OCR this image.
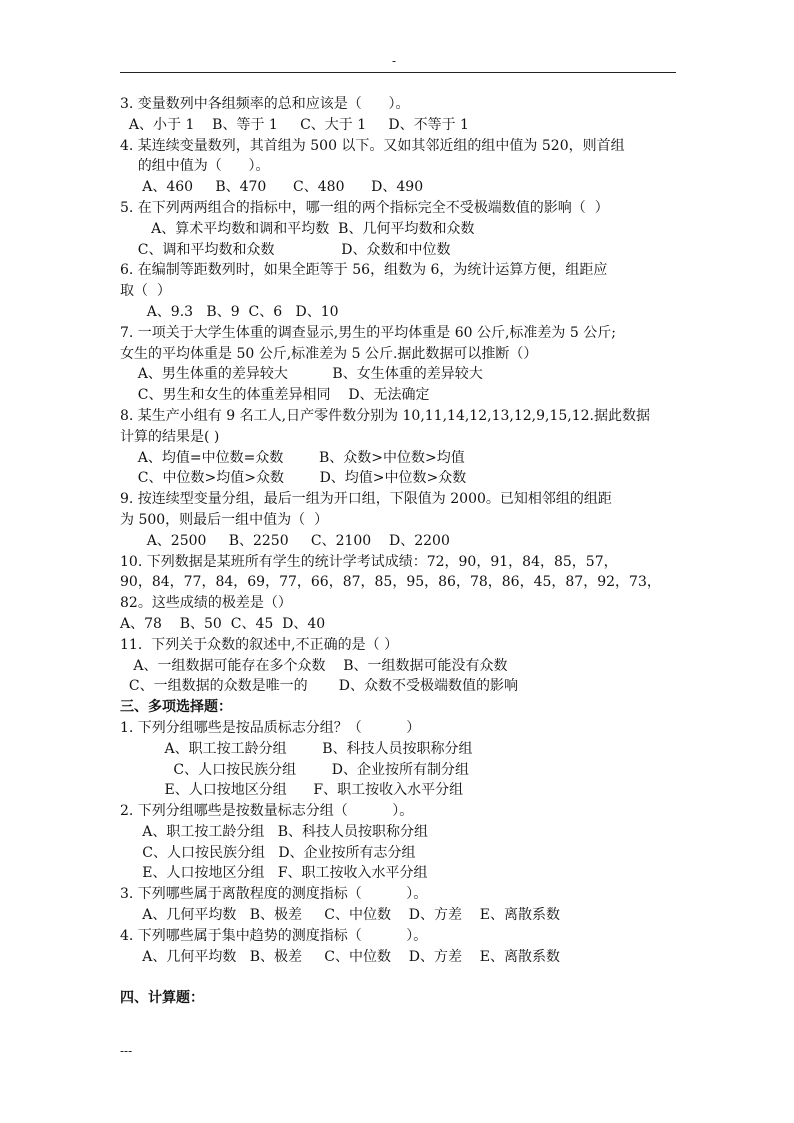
-
3. 变量数列中各组频率的总和应该是（      ）。
A、小于 1    B、等于 1     C、大于 1     D、不等于 1
4. 某连续变量数列，其首组为 500 以下。又如其邻近组的组中值为 520，则首组
的组中值为（      ）。
A、460     B、470      C、480      D、490
5. 在下列两两组合的指标中，哪一组的两个指标完全不受极端数值的影响（  ）
A、算术平均数和调和平均数  B、几何平均数和众数
C、调和平均数和众数               D、众数和中位数
6. 在编制等距数列时，如果全距等于 56，组数为 6，为统计运算方便，组距应
取（  ）
A、9.3   B、9  C、6   D、10
7. 一项关于大学生体重的调查显示,男生的平均体重是 60 公斤,标准差为 5 公斤;
女生的平均体重是 50 公斤,标准差为 5 公斤.据此数据可以推断（）
A、男生体重的差异较大          B、女生体重的差异较大
C、男生和女生的体重差异相同    D、无法确定
8. 某生产小组有 9 名工人,日产零件数分别为 10,11,14,12,13,12,9,15,12.据此数据
计算的结果是( )
A、均值=中位数=众数        B、众数>中位数>均值
C、中位数>均值>众数        D、均值>中位数>众数
9. 按连续型变量分组，最后一组为开口组，下限值为 2000。已知相邻组的组距
为 500，则最后一组中值为（  ）
A、2500     B、2250     C、2100    D、2200
10. 下列数据是某班所有学生的统计学考试成绩：72，90，91，84，85，57，
90，84，77，84，69，77，66，87，85，95，86，78，86，45，87，92，73，
82。这些成绩的极差是（）
A、78    B、50  C、45  D、40
11.  下列关于众数的叙述中,不正确的是（ ）
A、一组数据可能存在多个众数    B、一组数据可能没有众数
C、一组数据的众数是唯一的       D、众数不受极端数值的影响
三、多项选择题：
1. 下列分组哪些是按品质标志分组？（          ）
A、职工按工龄分组        B、科技人员按职称分组
C、人口按民族分组        D、企业按所有制分组
E、人口按地区分组      F、职工按收入水平分组
2. 下列分组哪些是按数量标志分组（          ）。
A、职工按工龄分组   B、科技人员按职称分组
C、人口按民族分组   D、企业按所有志分组
E、人口按地区分组   F、职工按收入水平分组
3. 下列哪些属于离散程度的测度指标（          ）。
A、几何平均数   B、极差     C、中位数    D、方差    E、离散系数
4. 下列哪些属于集中趋势的测度指标（          ）。
A、几何平均数   B、极差     C、中位数    D、方差    E、离散系数
四、计算题：
---
